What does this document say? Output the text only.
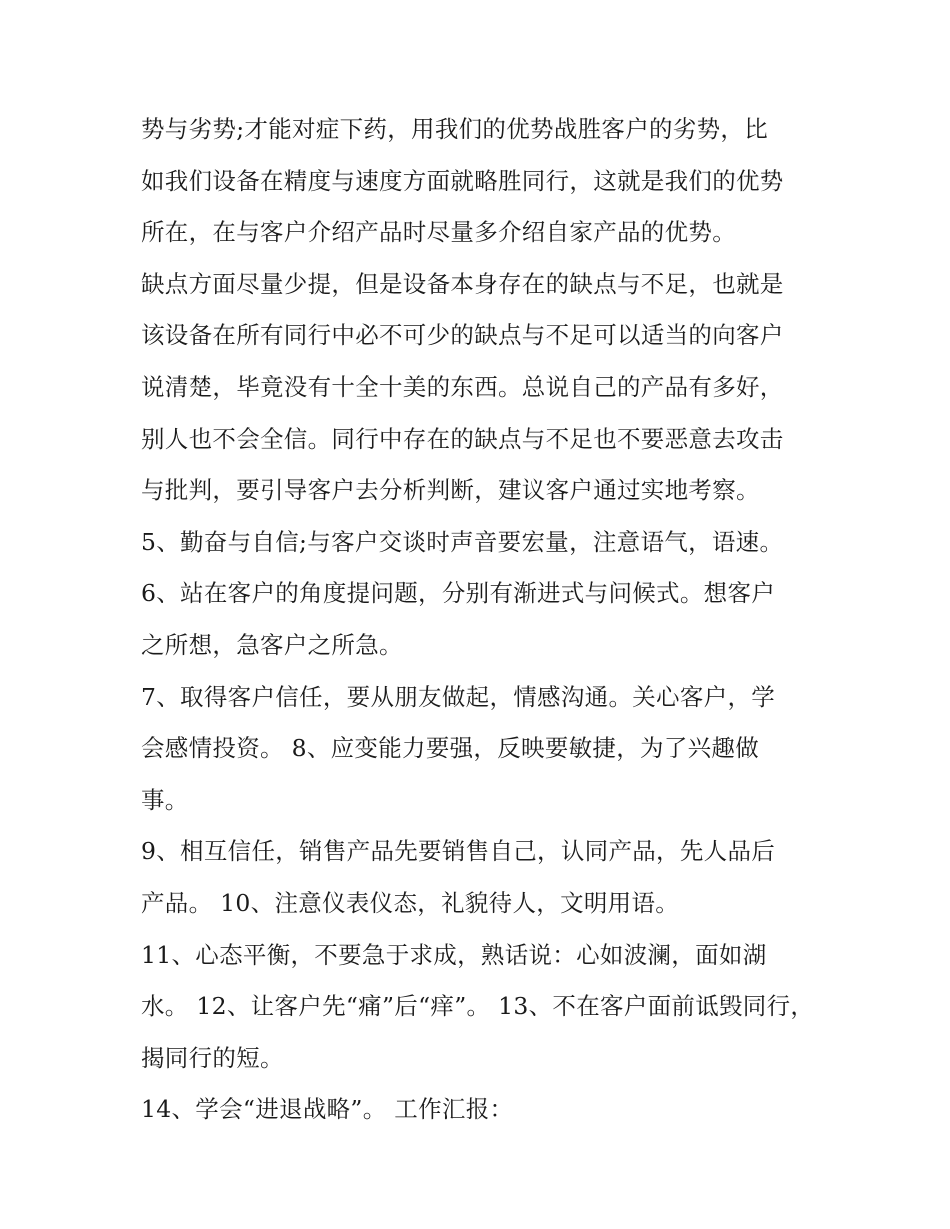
势与劣势;才能对症下药，用我们的优势战胜客户的劣势，比
如我们设备在精度与速度方面就略胜同行，这就是我们的优势
所在，在与客户介绍产品时尽量多介绍自家产品的优势。
缺点方面尽量少提，但是设备本身存在的缺点与不足，也就是
该设备在所有同行中必不可少的缺点与不足可以适当的向客户
说清楚，毕竟没有十全十美的东西。总说自己的产品有多好，
别人也不会全信。同行中存在的缺点与不足也不要恶意去攻击
与批判，要引导客户去分析判断，建议客户通过实地考察。
5、勤奋与自信;与客户交谈时声音要宏量，注意语气，语速。
6、站在客户的角度提问题，分别有渐进式与问候式。想客户
之所想，急客户之所急。
7、取得客户信任，要从朋友做起，情感沟通。关心客户，学
会感情投资。 8、应变能力要强，反映要敏捷，为了兴趣做
事。
9、相互信任，销售产品先要销售自己，认同产品，先人品后
产品。 10、注意仪表仪态，礼貌待人，文明用语。
11、心态平衡，不要急于求成，熟话说：心如波澜，面如湖
水。 12、让客户先“痛”后“痒”。 13、不在客户面前诋毁同行，
揭同行的短。
14、学会“进退战略”。 工作汇报：
